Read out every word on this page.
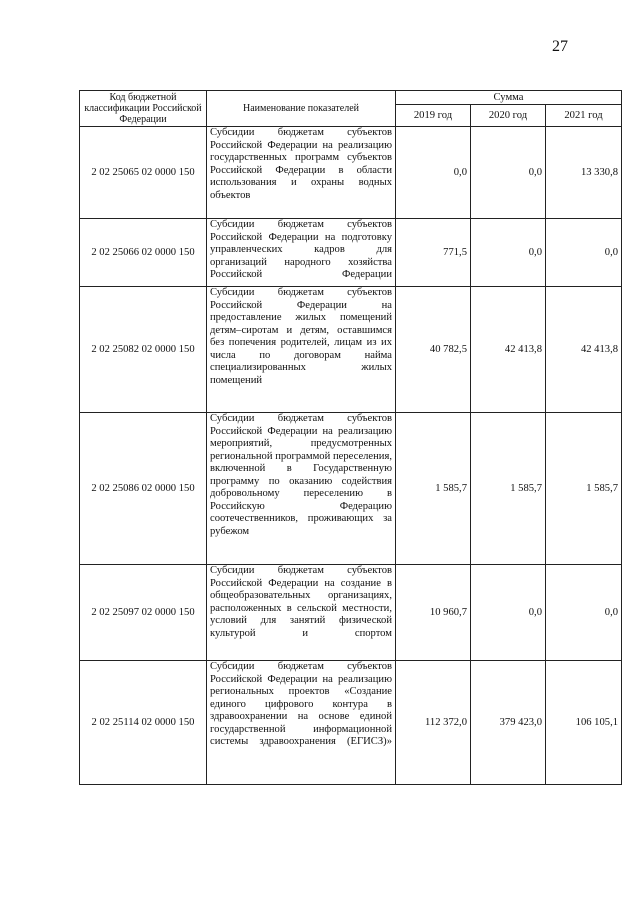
27
Код бюджетной классификации Российской Федерации	Наименование показателей	Сумма		
		2019 год	2020 год	2021 год
2 02 25065 02 0000 150	Субсидии бюджетам субъектов Российской Федерации на реализацию государственных программ субъектов Российской Федерации в области использования и охраны водных объектов	0,0	0,0	13 330,8
2 02 25066 02 0000 150	Субсидии бюджетам субъектов Российской Федерации на подготовку управленческих кадров для организаций народного хозяйства Российской Федерации	771,5	0,0	0,0
2 02 25082 02 0000 150	Субсидии бюджетам субъектов Российской Федерации на предоставление жилых помещений детям–сиротам и детям, оставшимся без попечения родителей, лицам из их числа по договорам найма специализированных жилых помещений	40 782,5	42 413,8	42 413,8
2 02 25086 02 0000 150	Субсидии бюджетам субъектов Российской Федерации на реализацию мероприятий, предусмотренных региональной программой переселения, включенной в Государственную программу по оказанию содействия добровольному переселению в Российскую Федерацию соотечественников, проживающих за рубежом	1 585,7	1 585,7	1 585,7
2 02 25097 02 0000 150	Субсидии бюджетам субъектов Российской Федерации на создание в общеобразовательных организациях, расположенных в сельской местности, условий для занятий физической культурой и спортом	10 960,7	0,0	0,0
2 02 25114 02 0000 150	Субсидии бюджетам субъектов Российской Федерации на реализацию региональных проектов «Создание единого цифрового контура в здравоохранении на основе единой государственной информационной системы здравоохранения (ЕГИСЗ)»	112 372,0	379 423,0	106 105,1
